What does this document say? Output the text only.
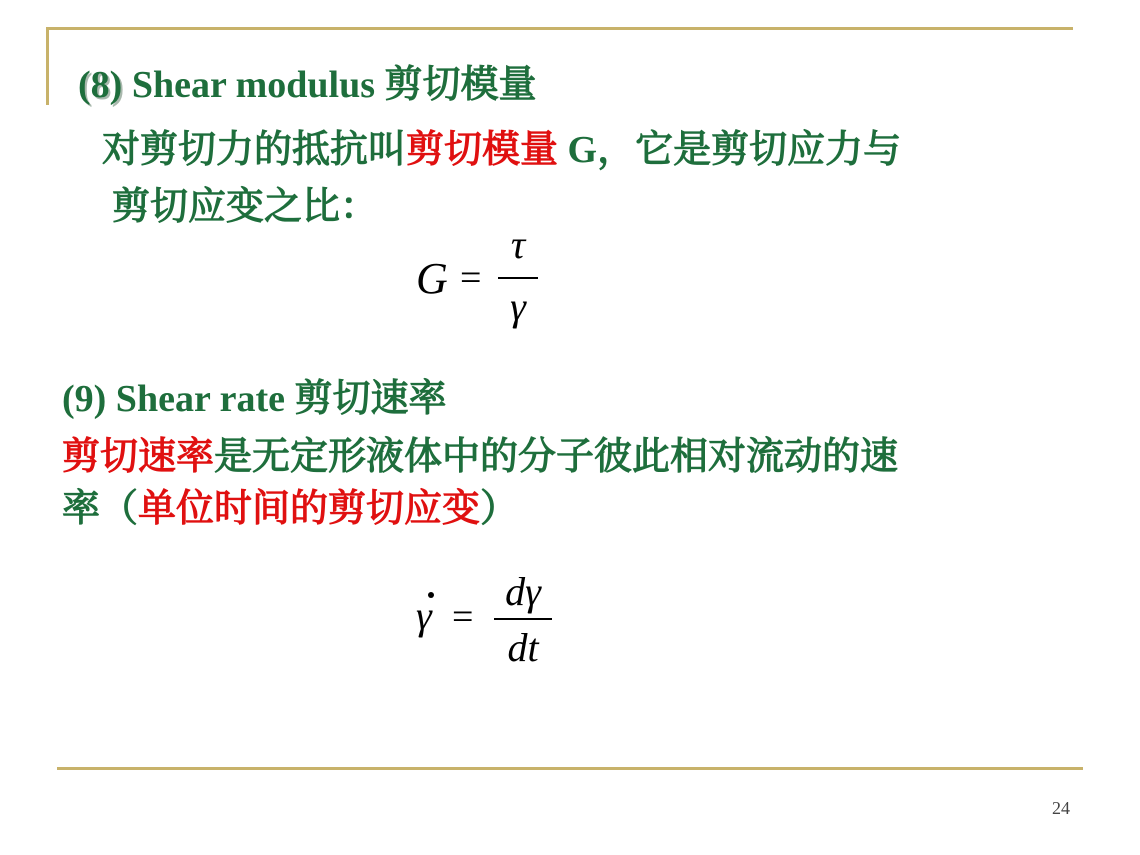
(8) Shear modulus 剪切模量
对剪切力的抵抗叫剪切模量 G，它是剪切应力与
剪切应变之比：
G =
τ
γ
(9) Shear rate 剪切速率
剪切速率是无定形液体中的分子彼此相对流动的速
率（单位时间的剪切应变）
γ =
dγ
dt
24
